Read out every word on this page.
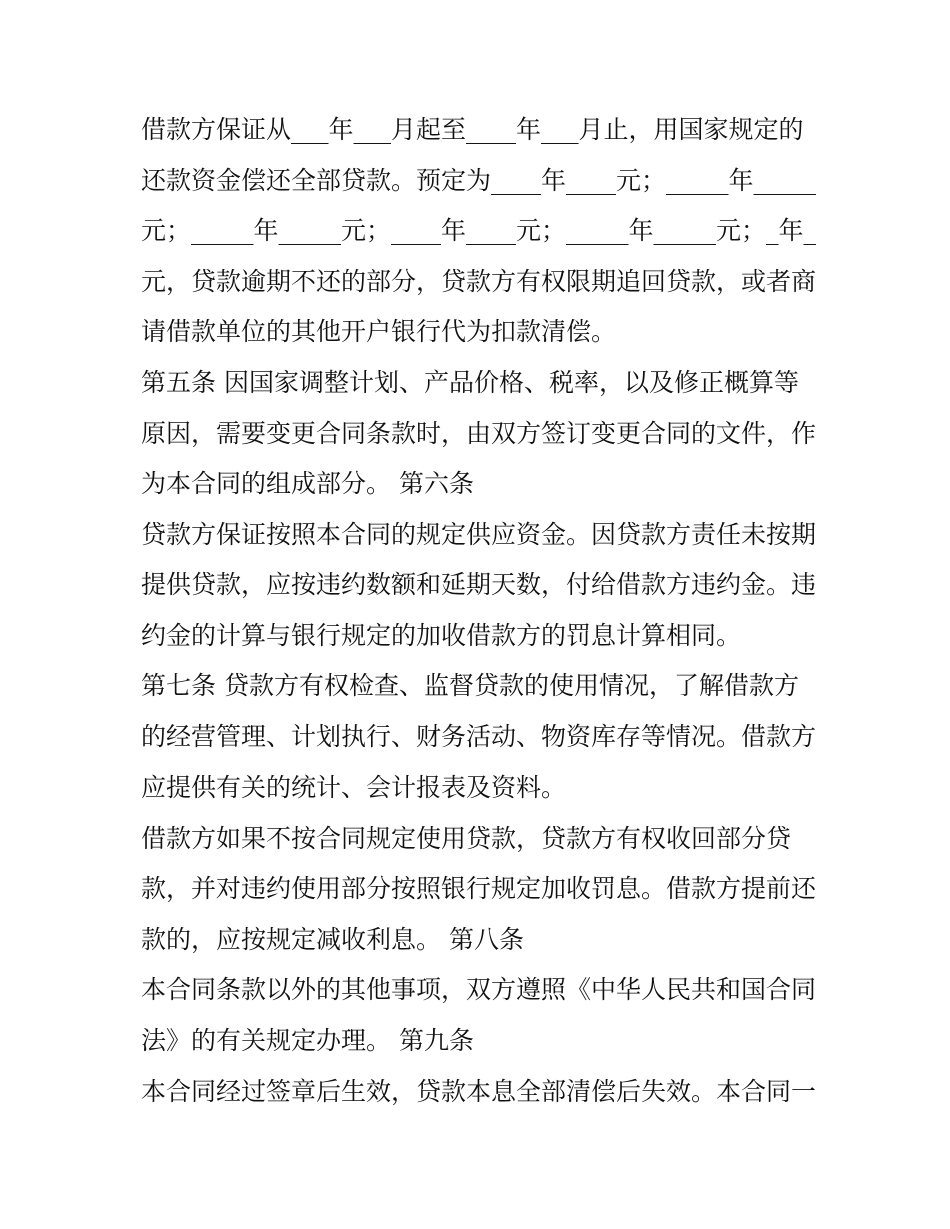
借款方保证从___年___月起至____年___月止，用国家规定的
还款资金偿还全部贷款。预定为____年____元；_____年_____
元；_____年_____元；____年____元；_____年_____元；_年_
元，贷款逾期不还的部分，贷款方有权限期追回贷款，或者商
请借款单位的其他开户银行代为扣款清偿。
第五条 因国家调整计划、产品价格、税率，以及修正概算等
原因，需要变更合同条款时，由双方签订变更合同的文件，作
为本合同的组成部分。 第六条
贷款方保证按照本合同的规定供应资金。因贷款方责任未按期
提供贷款，应按违约数额和延期天数，付给借款方违约金。违
约金的计算与银行规定的加收借款方的罚息计算相同。
第七条 贷款方有权检查、监督贷款的使用情况，了解借款方
的经营管理、计划执行、财务活动、物资库存等情况。借款方
应提供有关的统计、会计报表及资料。
借款方如果不按合同规定使用贷款，贷款方有权收回部分贷
款，并对违约使用部分按照银行规定加收罚息。借款方提前还
款的，应按规定减收利息。 第八条
本合同条款以外的其他事项，双方遵照《中华人民共和国合同
法》的有关规定办理。 第九条
本合同经过签章后生效，贷款本息全部清偿后失效。本合同一
